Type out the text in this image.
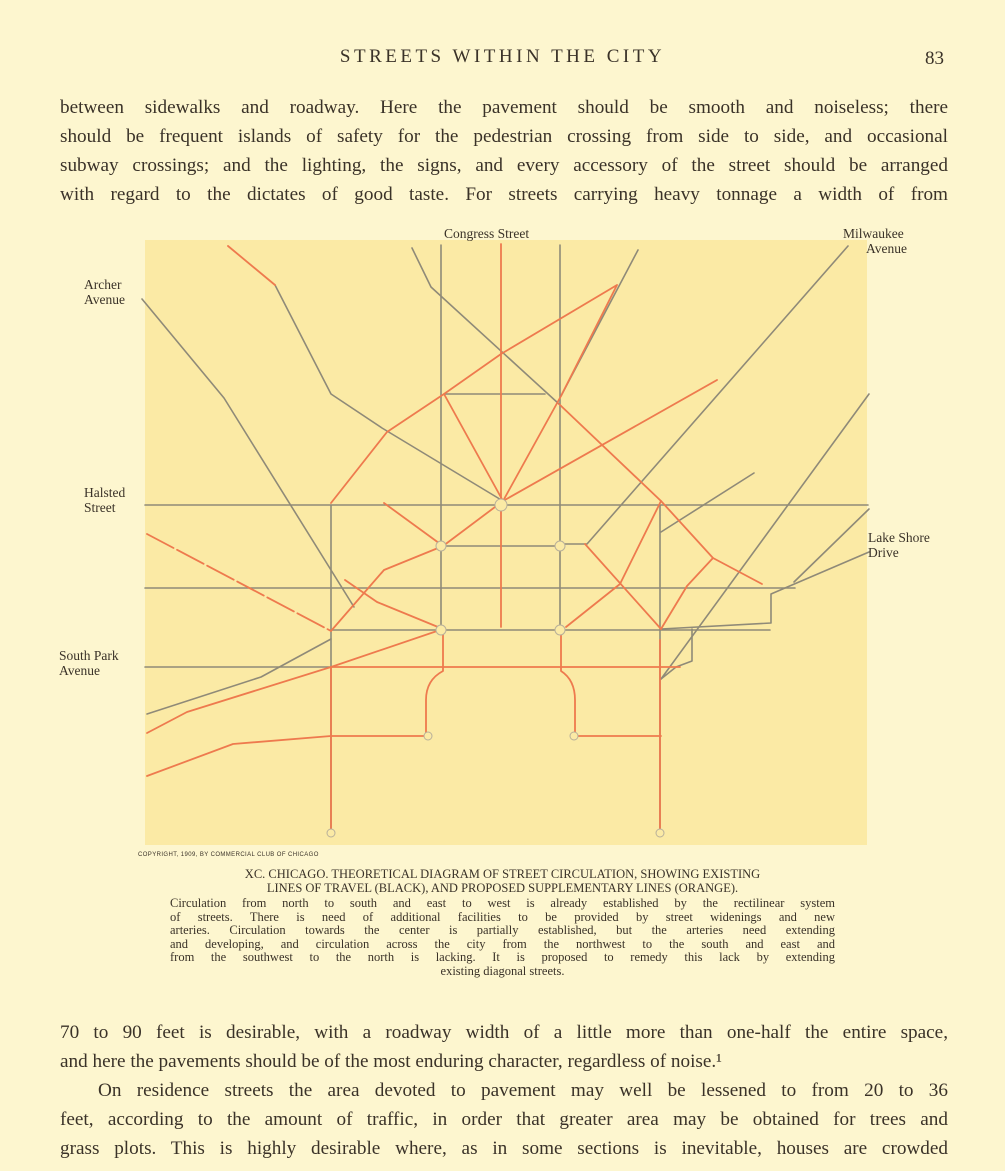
STREETS WITHIN THE CITY	83
between sidewalks and roadway. Here the pavement should be smooth and noiseless; there
should be frequent islands of safety for the pedestrian crossing from side to side, and occasional
subway crossings; and the lighting, the signs, and every accessory of the street should be arranged
with regard to the dictates of good taste. For streets carrying heavy tonnage a width of from
Congress Street	Milwaukee
Avenue
Archer
Avenue
Halsted
Street
Lake Shore
Drive
South Park
Avenue
COPYRIGHT, 1909, BY COMMERCIAL CLUB OF CHICAGO
XC. CHICAGO. THEORETICAL DIAGRAM OF STREET CIRCULATION, SHOWING EXISTING
LINES OF TRAVEL (BLACK), AND PROPOSED SUPPLEMENTARY LINES (ORANGE).
Circulation from north to south and east to west is already established by the rectilinear system
of streets. There is need of additional facilities to be provided by street widenings and new
arteries. Circulation towards the center is partially established, but the arteries need extending
and developing, and circulation across the city from the northwest to the south and east and
from the southwest to the north is lacking. It is proposed to remedy this lack by extending
existing diagonal streets.
70 to 90 feet is desirable, with a roadway width of a little more than one-half the entire space,
and here the pavements should be of the most enduring character, regardless of noise.¹
On residence streets the area devoted to pavement may well be lessened to from 20 to 36
feet, according to the amount of traffic, in order that greater area may be obtained for trees and
grass plots. This is highly desirable where, as in some sections is inevitable, houses are crowded
